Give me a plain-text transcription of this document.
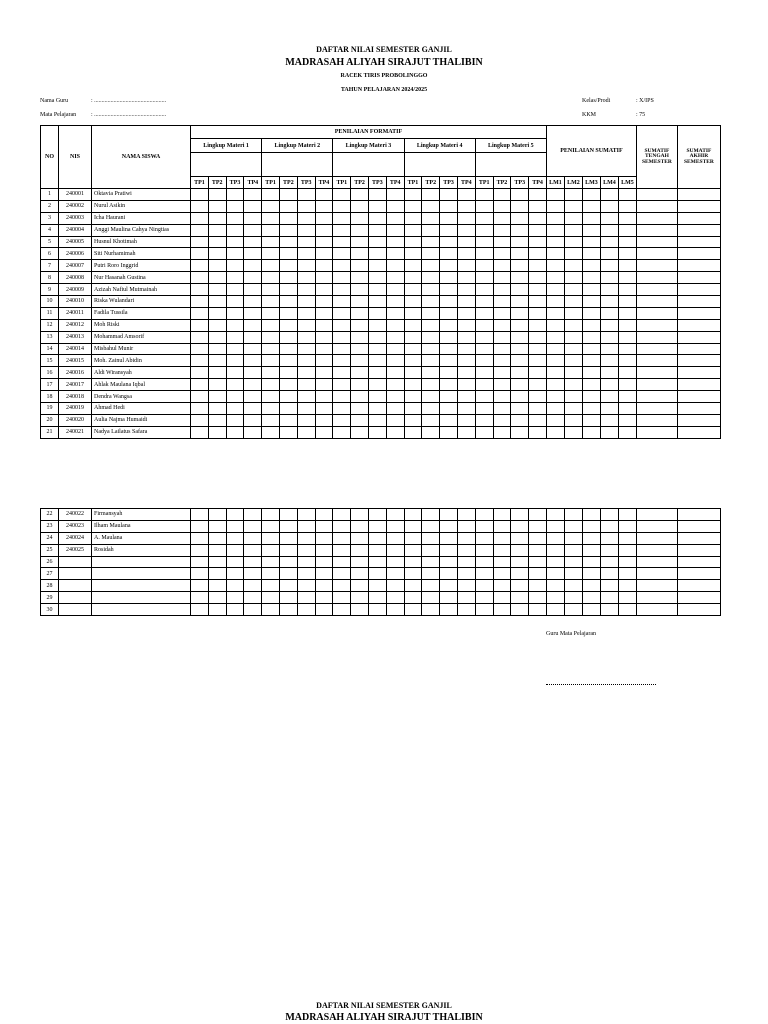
DAFTAR NILAI SEMESTER GANJIL
MADRASAH ALIYAH SIRAJUT THALIBIN
RACEK TIRIS PROBOLINGGO
TAHUN PELAJARAN 2024/2025
Nama Guru	: ................................................
Mata Pelajaran : ................................................
Kelas/Prodi	: X/IPS
KKM	: 75
NO	NIS	NAMA SISWA	PENILAIAN FORMATIF																				PENILAIAN SUMATIF					SUMATIF TENGAH SEMESTER	SUMATIF AKHIR SEMESTER
			Lingkup Materi 1				Lingkup Materi 2				Lingkup Materi 3				Lingkup Materi 4				Lingkup Materi 5										

			TP1	TP2	TP3	TP4	TP1	TP2	TP3	TP4	TP1	TP2	TP3	TP4	TP1	TP2	TP3	TP4	TP1	TP2	TP3	TP4	LM1	LM2	LM3	LM4	LM5		
1	240001	Oktavia Pratiwi																											
2	240002	Nurul Asikin																											
3	240003	Icha Haurani																											
4	240004	Anggi Maulina Cahya Ningtias																											
5	240005	Husnul Khotimah																											
6	240006	Siti Nurhamimah																											
7	240007	Putri Roro Inggrid																											
8	240008	Nur Hasanah Gustina																											
9	240009	Azizah Nafiul Mutmainah																											
10	240010	Riska Wulandari																											
11	240011	Fadila Tussila																											
12	240012	Moh Riski																											
13	240013	Mohammad Amsorif																											
14	240014	Misbahul Munir																											
15	240015	Moh. Zainul Abidin																											
16	240016	Aldi Wiransyah																											
17	240017	Ahlak Maulana Iqbal																											
18	240018	Dendra Wangsa																											
19	240019	Ahmad Hedi																											
20	240020	Aulia Najma Humaidi																											
21	240021	Nadya Lailatus Safara																											
22	240022	Firmansyah																											
23	240023	Ilham Maulana																											
24	240024	A. Maulana																											
25	240025	Rosidah																											
26																													
27																													
28																													
29																													
30																													
Guru Mata Pelajaran
DAFTAR NILAI SEMESTER GANJIL
MADRASAH ALIYAH SIRAJUT THALIBIN
